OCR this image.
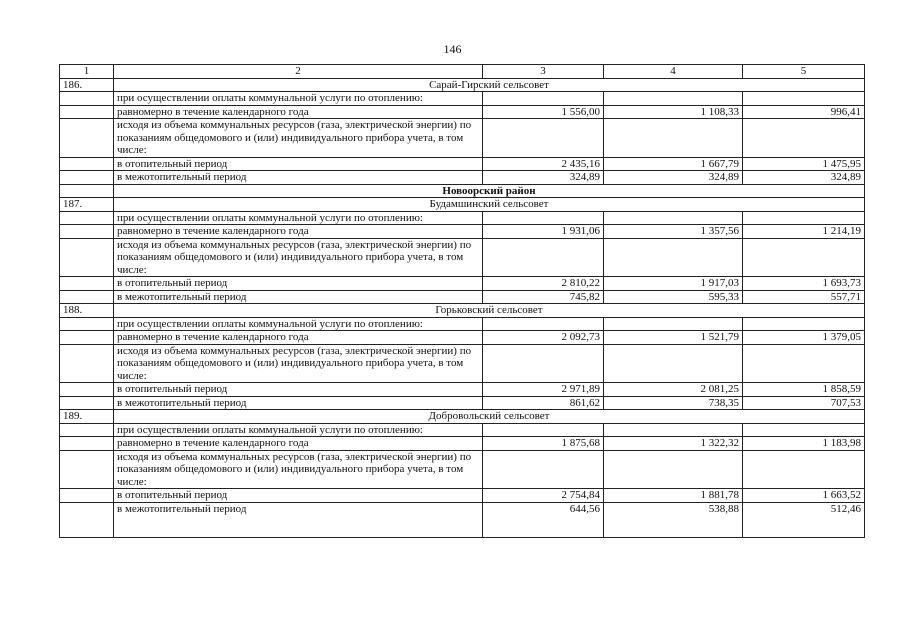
146
1	2	3	4	5
186.	Сарай-Гирский сельсовет			
	при осуществлении оплаты коммунальной услуги по отоплению:			
	равномерно в течение календарного года	1 556,00	1 108,33	996,41
	исходя из объема коммунальных ресурсов (газа, электрической энергии) по показаниям общедомового и (или) индивидуального прибора учета, в том числе:			
	в отопительный период	2 435,16	1 667,79	1 475,95
	в межотопительный период	324,89	324,89	324,89
	Новоорский район			
187.	Будамшинский сельсовет			
	при осуществлении оплаты коммунальной услуги по отоплению:			
	равномерно в течение календарного года	1 931,06	1 357,56	1 214,19
	исходя из объема коммунальных ресурсов (газа, электрической энергии) по показаниям общедомового и (или) индивидуального прибора учета, в том числе:			
	в отопительный период	2 810,22	1 917,03	1 693,73
	в межотопительный период	745,82	595,33	557,71
188.	Горьковский сельсовет			
	при осуществлении оплаты коммунальной услуги по отоплению:			
	равномерно в течение календарного года	2 092,73	1 521,79	1 379,05
	исходя из объема коммунальных ресурсов (газа, электрической энергии) по показаниям общедомового и (или) индивидуального прибора учета, в том числе:			
	в отопительный период	2 971,89	2 081,25	1 858,59
	в межотопительный период	861,62	738,35	707,53
189.	Добровольский сельсовет			
	при осуществлении оплаты коммунальной услуги по отоплению:			
	равномерно в течение календарного года	1 875,68	1 322,32	1 183,98
	исходя из объема коммунальных ресурсов (газа, электрической энергии) по показаниям общедомового и (или) индивидуального прибора учета, в том числе:			
	в отопительный период	2 754,84	1 881,78	1 663,52
	в межотопительный период	644,56	538,88	512,46
